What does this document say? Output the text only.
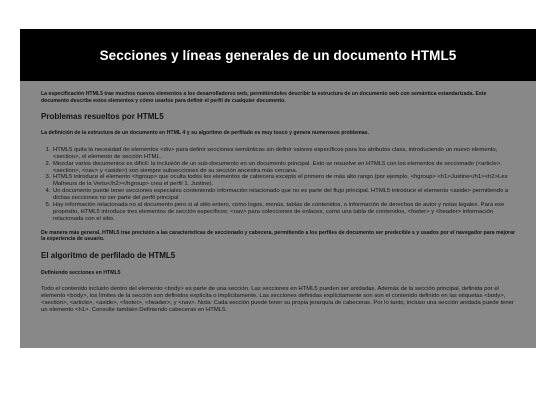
Secciones y líneas generales de un documento HTML5

La especificación HTML5 trae muchos nuevos elementos a los desarrolladores web, permitiéndoles describir la estructura de un documento web con semántica estandarizada. Este documento describe estos elementos y cómo usarlos para definir el perfil de cualquier documento.

Problemas resueltos por HTML5

La definición de la estructura de un documento en HTML 4 y su algoritmo de perfilado es muy tosco y genera numerosos problemas.

1. HTML5 quita la necesidad de elementos <div> para definir secciones semánticas sin definir valores específicos para los atributos class, introduciendo un nuevo elemento, <section>, el elemento de sección HTML.
2. Mezclar varios documentos es difícil: la inclusión de un sub-documento en un documento principal. Esto se resuelve en HTML5 con los elementos de seccionado (<article>, <section>, <nav> y <aside>) son siempre subsecciones de su sección ancestra más cercana.
3. HTML5 introduce el elemento <hgroup> que oculta todos los elementos de cabecera excepto el primero de más alto rango (por ejemplo, <hgroup> <h1>Justine</h1><h2>Les Malheurs de la Vertu</h2></hgroup> crea el perfil 1. Justine).
4. Un documento puede tener secciones especiales conteniendo información relacionado que no es parte del flujo principal. HTML5 introduce el elemento <aside> permitiendo a dichas secciones no ser parte del perfil principal
5. Hay información relacionada no al documento pero si al sitio entero, como logos, menús, tablas de contenidos, o información de derechos de autor y notas legales. Para ese propósito, HTML5 introduce tres elementos de sección específicos: <nav> para colecciones de enlaces, como una tabla de contenidos, <footer> y <header> información relacionada con el sitio.

De manera más general, HTML5 trae precisión a las características de seccionado y cabecera, permitiendo a los perfiles de documento ser predecible s y usados por el navegador para mejorar la experiencia de usuario.

El algoritmo de perfilado de HTML5

Definiendo secciones en HTML5

Todo el contenido incluido dentro del elemento <body> es parte de una sección. Las secciones en HTML5 pueden ser anidadas. Además de la sección principal, definida por el elemento <body>, los límites de la sección son definidos explícita o implícitamente. Las secciones definidas explícitamente son son el contenido definido en las etiquetas <body>, <section>, <article>, <aside>, <footer>, <header>, y <nav>. Nota: Cada sección puede tener su propia jerarquía de cabeceras. Por lo tanto, incluso una sección anidada puede tener un elemento <h1>. Consulte también Definiendo cabeceras en HTML5.
